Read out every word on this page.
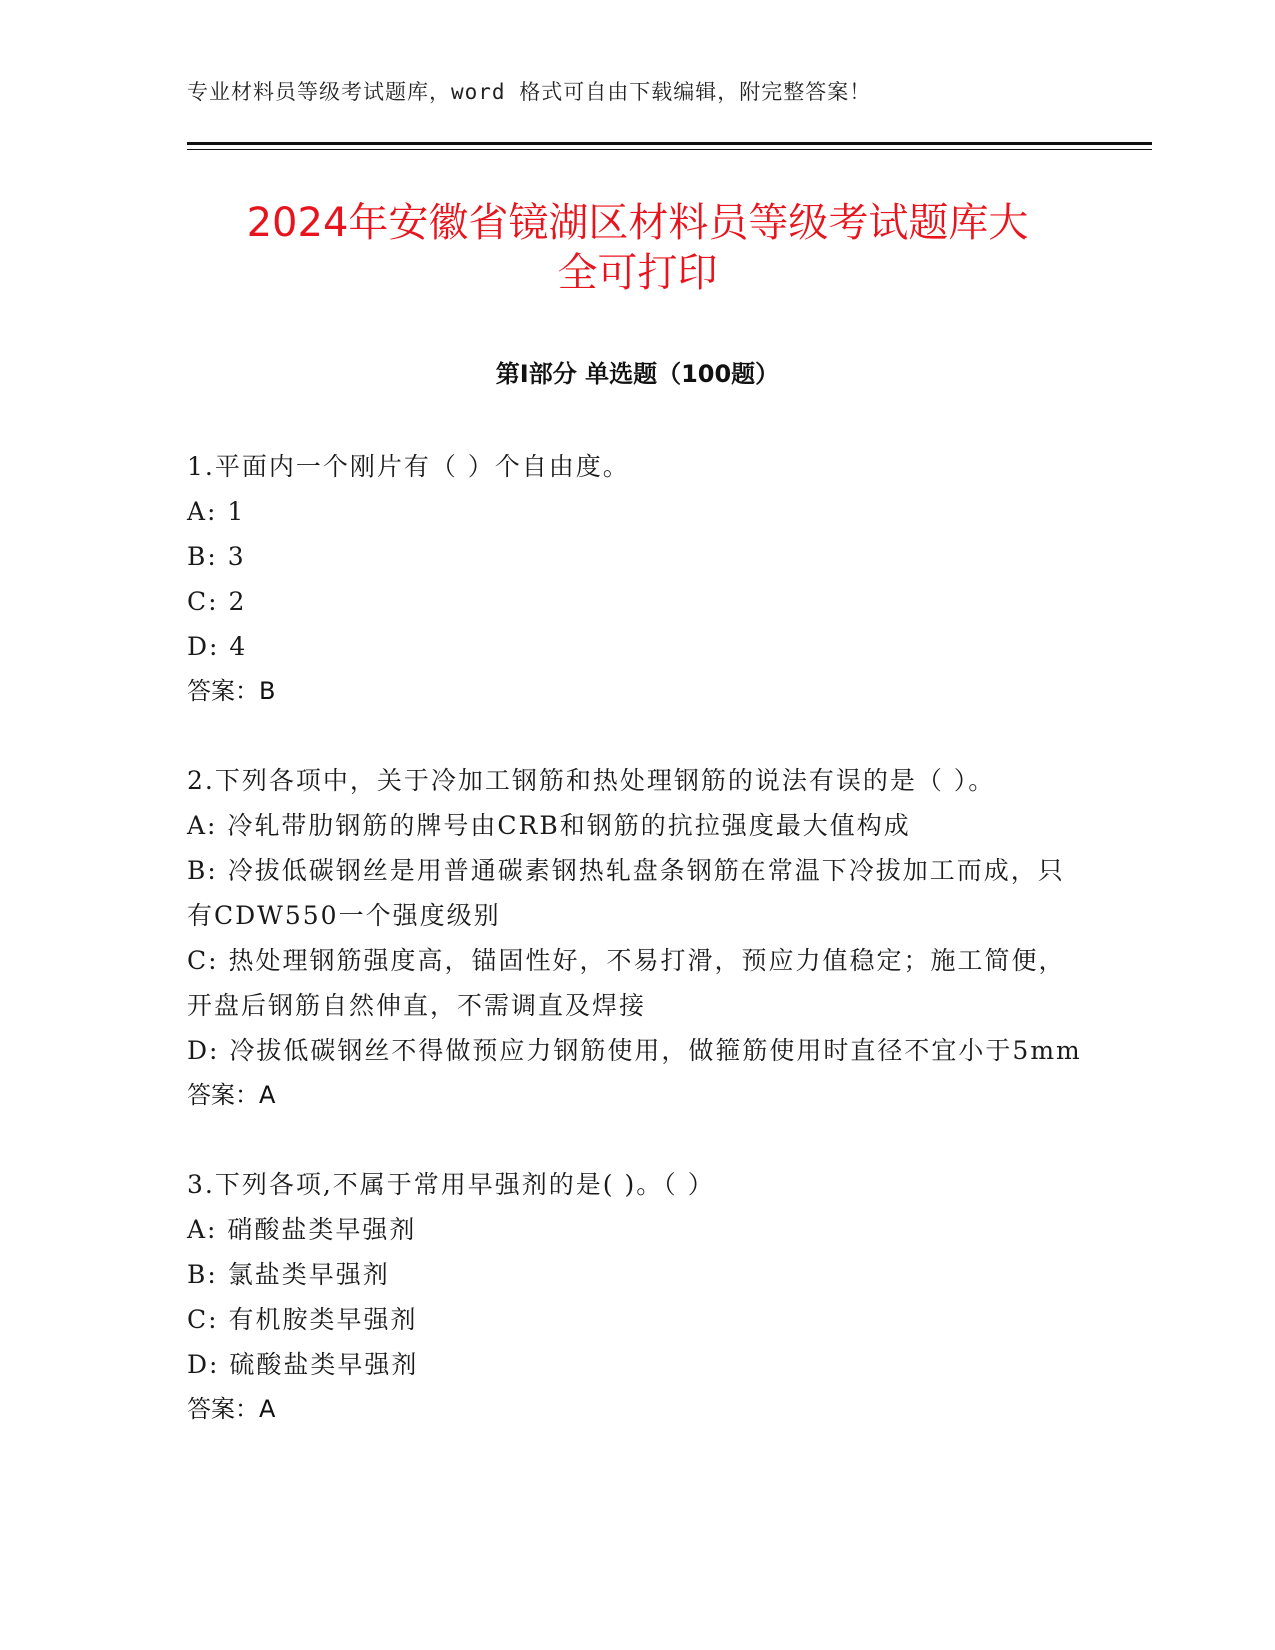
专业材料员等级考试题库，word 格式可自由下载编辑，附完整答案！
2024年安徽省镜湖区材料员等级考试题库大
全可打印
第Ⅰ部分 单选题（100题）
1.平面内一个刚片有（ ）个自由度。
A: 1
B: 3
C: 2
D: 4
答案：B
2.下列各项中，关于冷加工钢筋和热处理钢筋的说法有误的是（ ）。
A: 冷轧带肋钢筋的牌号由CRB和钢筋的抗拉强度最大值构成
B: 冷拔低碳钢丝是用普通碳素钢热轧盘条钢筋在常温下冷拔加工而成，只有CDW550一个强度级别
C: 热处理钢筋强度高，锚固性好，不易打滑，预应力值稳定；施工简便，开盘后钢筋自然伸直，不需调直及焊接
D: 冷拔低碳钢丝不得做预应力钢筋使用，做箍筋使用时直径不宜小于5mm
答案：A
3.下列各项,不属于常用早强剂的是( )。（ ）
A: 硝酸盐类早强剂
B: 氯盐类早强剂
C: 有机胺类早强剂
D: 硫酸盐类早强剂
答案：A
